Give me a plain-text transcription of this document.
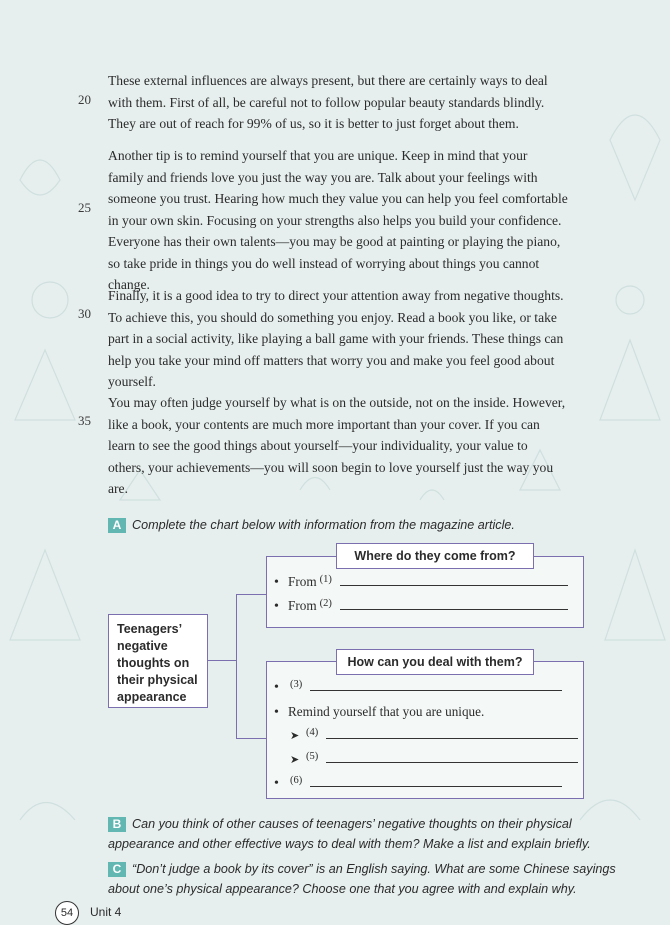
20
25
30
35
These external influences are always present, but there are certainly ways to deal
with them. First of all, be careful not to follow popular beauty standards blindly.
They are out of reach for 99% of us, so it is better to just forget about them.
Another tip is to remind yourself that you are unique. Keep in mind that your
family and friends love you just the way you are. Talk about your feelings with
someone you trust. Hearing how much they value you can help you feel comfortable
in your own skin. Focusing on your strengths also helps you build your confidence.
Everyone has their own talents—you may be good at painting or playing the piano,
so take pride in things you do well instead of worrying about things you cannot
change.
Finally, it is a good idea to try to direct your attention away from negative thoughts.
To achieve this, you should do something you enjoy. Read a book you like, or take
part in a social activity, like playing a ball game with your friends. These things can
help you take your mind off matters that worry you and make you feel good about
yourself.
You may often judge yourself by what is on the outside, not on the inside. However,
like a book, your contents are much more important than your cover. If you can
learn to see the good things about yourself—your individuality, your value to
others, your achievements—you will soon begin to love yourself just the way you
are.
A Complete the chart below with information from the magazine article.
Teenagers’
negative
thoughts on
their physical
appearance
Where do they come from?
• From (1)
• From (2)
How can you deal with them?
•	(3)
• Remind yourself that you are unique.
➤ (4)
➤ (5)
•	(6)
B Can you think of other causes of teenagers’ negative thoughts on their physical
appearance and other effective ways to deal with them? Make a list and explain briefly.
C “Don’t judge a book by its cover” is an English saying. What are some Chinese sayings
about one’s physical appearance? Choose one that you agree with and explain why.
54	Unit 4
